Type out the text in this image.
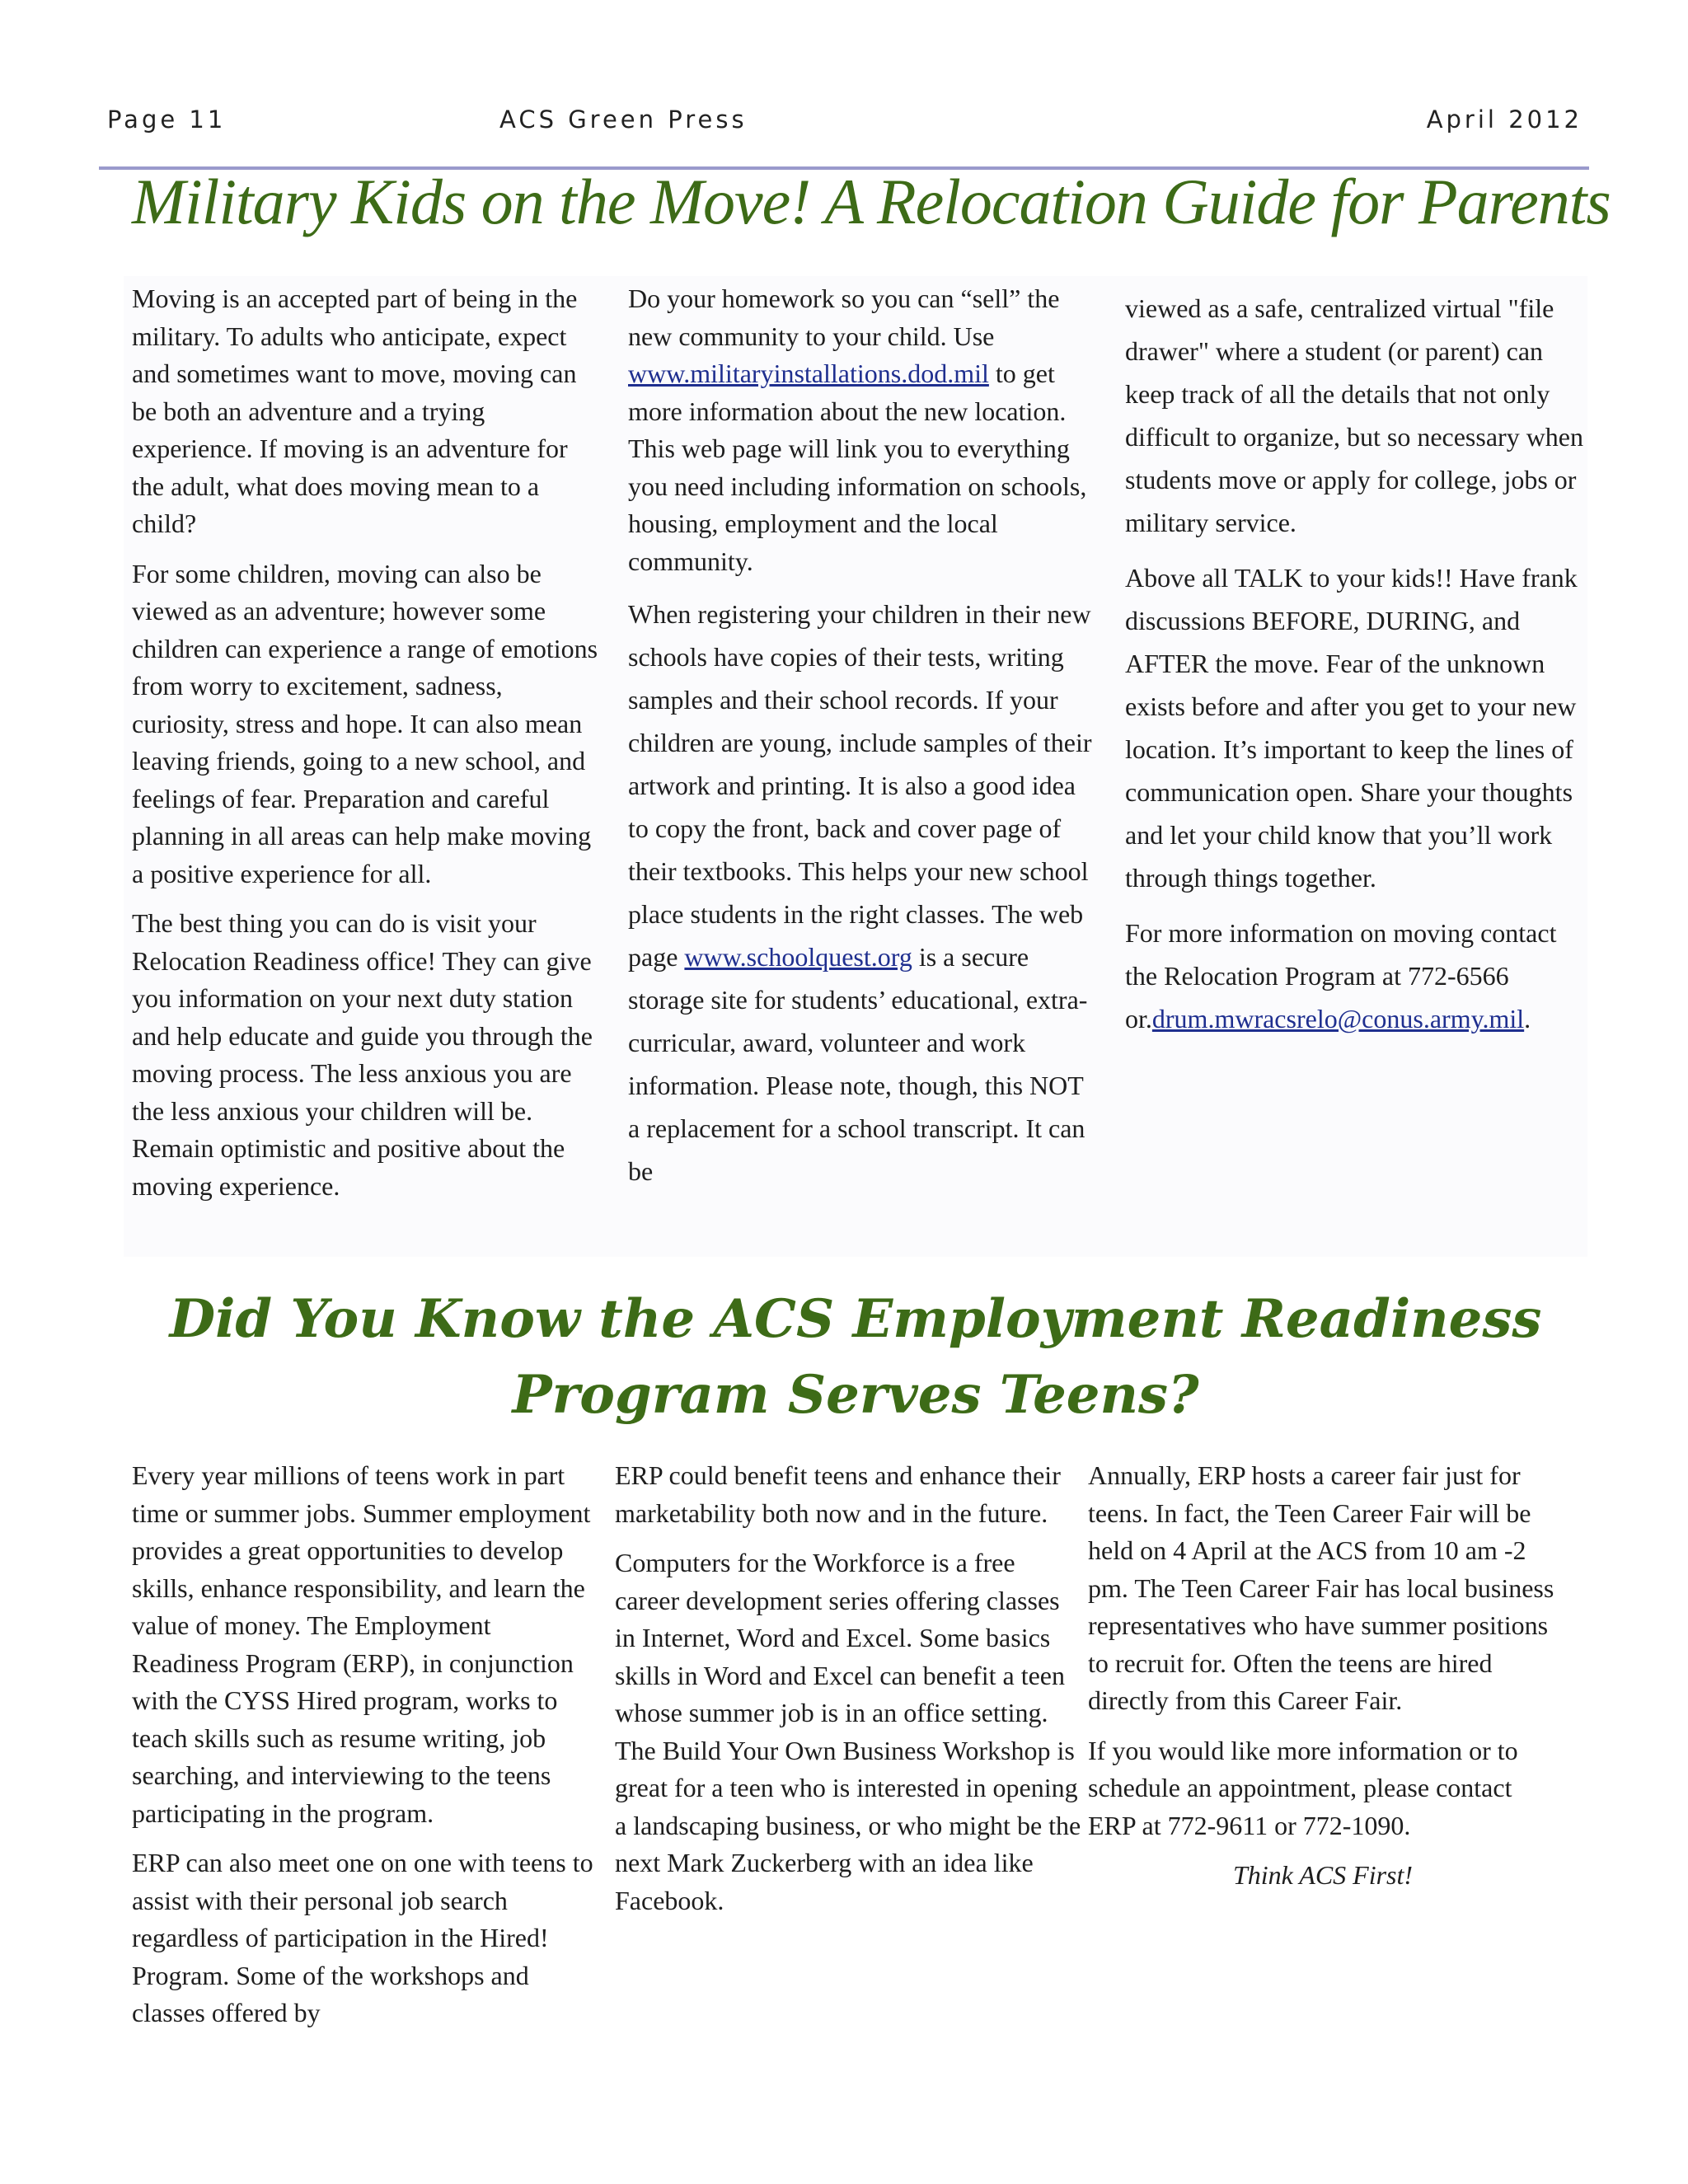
Page 11	ACS Green Press	April 2012
Military Kids on the Move! A Relocation Guide for Parents

Moving is an accepted part of being in the military. To adults who anticipate, expect and sometimes want to move, moving can be both an adventure and a trying experience. If moving is an adventure for the adult, what does moving mean to a child?

For some children, moving can also be viewed as an adventure; however some children can experience a range of emotions from worry to excitement, sadness, curiosity, stress and hope. It can also mean leaving friends, going to a new school, and feelings of fear. Preparation and careful planning in all areas can help make moving a positive experience for all.

The best thing you can do is visit your Relocation Readiness office! They can give you information on your next duty station and help educate and guide you through the moving process. The less anxious you are the less anxious your children will be. Remain optimistic and positive about the moving experience.

Do your homework so you can “sell” the new community to your child. Use www.militaryinstallations.dod.mil to get more information about the new location. This web page will link you to everything you need including information on schools, housing, employment and the local community.

When registering your children in their new schools have copies of their tests, writing samples and their school records. If your children are young, include samples of their artwork and printing. It is also a good idea to copy the front, back and cover page of their textbooks. This helps your new school place students in the right classes. The web page www.schoolquest.org is a secure storage site for students’ educational, extra-curricular, award, volunteer and work information. Please note, though, this NOT a replacement for a school transcript. It can be

viewed as a safe, centralized virtual "file drawer" where a student (or parent) can keep track of all the details that not only difficult to organize, but so necessary when students move or apply for college, jobs or military service.

Above all TALK to your kids!! Have frank discussions BEFORE, DURING, and AFTER the move. Fear of the unknown exists before and after you get to your new location. It’s important to keep the lines of communication open. Share your thoughts and let your child know that you’ll work through things together.

For more information on moving contact the Relocation Program at 772-6566 or.drum.mwracsrelo@conus.army.mil.

Did You Know the ACS Employment Readiness
Program Serves Teens?

Every year millions of teens work in part time or summer jobs. Summer employment provides a great opportunities to develop skills, enhance responsibility, and learn the value of money. The Employment Readiness Program (ERP), in conjunction with the CYSS Hired program, works to teach skills such as resume writing, job searching, and interviewing to the teens participating in the program.

ERP can also meet one on one with teens to assist with their personal job search regardless of participation in the Hired! Program. Some of the workshops and classes offered by

ERP could benefit teens and enhance their marketability both now and in the future.

Computers for the Workforce is a free career development series offering classes in Internet, Word and Excel. Some basics skills in Word and Excel can benefit a teen whose summer job is in an office setting. The Build Your Own Business Workshop is great for a teen who is interested in opening a landscaping business, or who might be the next Mark Zuckerberg with an idea like Facebook.

Annually, ERP hosts a career fair just for teens. In fact, the Teen Career Fair will be held on 4 April at the ACS from 10 am -2 pm. The Teen Career Fair has local business representatives who have summer positions to recruit for. Often the teens are hired directly from this Career Fair.

If you would like more information or to schedule an appointment, please contact ERP at 772-9611 or 772-1090.

Think ACS First!
